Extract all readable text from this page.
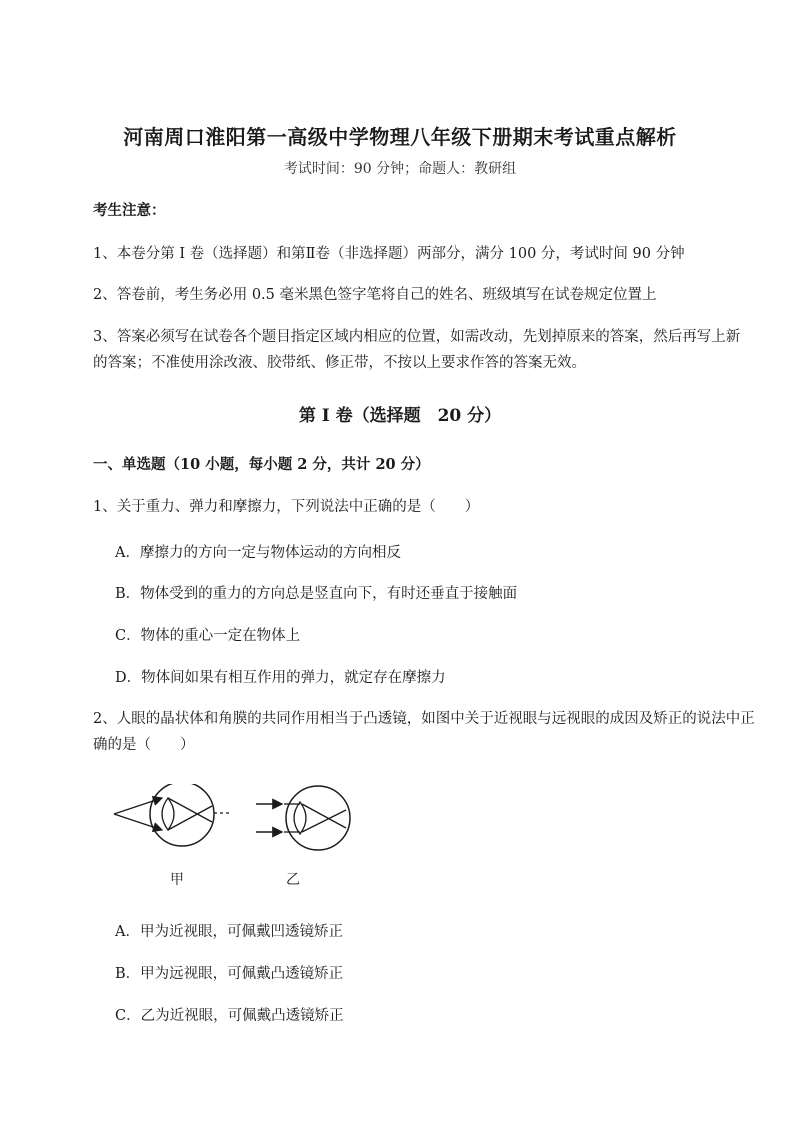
河南周口淮阳第一高级中学物理八年级下册期末考试重点解析
考试时间：90 分钟；命题人：教研组
考生注意：
1、本卷分第 I 卷（选择题）和第Ⅱ卷（非选择题）两部分，满分 100 分，考试时间 90 分钟
2、答卷前，考生务必用 0.5 毫米黑色签字笔将自己的姓名、班级填写在试卷规定位置上
3、答案必须写在试卷各个题目指定区域内相应的位置，如需改动，先划掉原来的答案，然后再写上新的答案；不准使用涂改液、胶带纸、修正带，不按以上要求作答的答案无效。
第 I 卷（选择题　20 分）
一、单选题（10 小题，每小题 2 分，共计 20 分）
1、关于重力、弹力和摩擦力，下列说法中正确的是（　　）
A．摩擦力的方向一定与物体运动的方向相反
B．物体受到的重力的方向总是竖直向下，有时还垂直于接触面
C．物体的重心一定在物体上
D．物体间如果有相互作用的弹力，就定存在摩擦力
2、人眼的晶状体和角膜的共同作用相当于凸透镜，如图中关于近视眼与远视眼的成因及矫正的说法中正确的是（　　）
甲	乙
A．甲为近视眼，可佩戴凹透镜矫正
B．甲为远视眼，可佩戴凸透镜矫正
C．乙为近视眼，可佩戴凸透镜矫正
